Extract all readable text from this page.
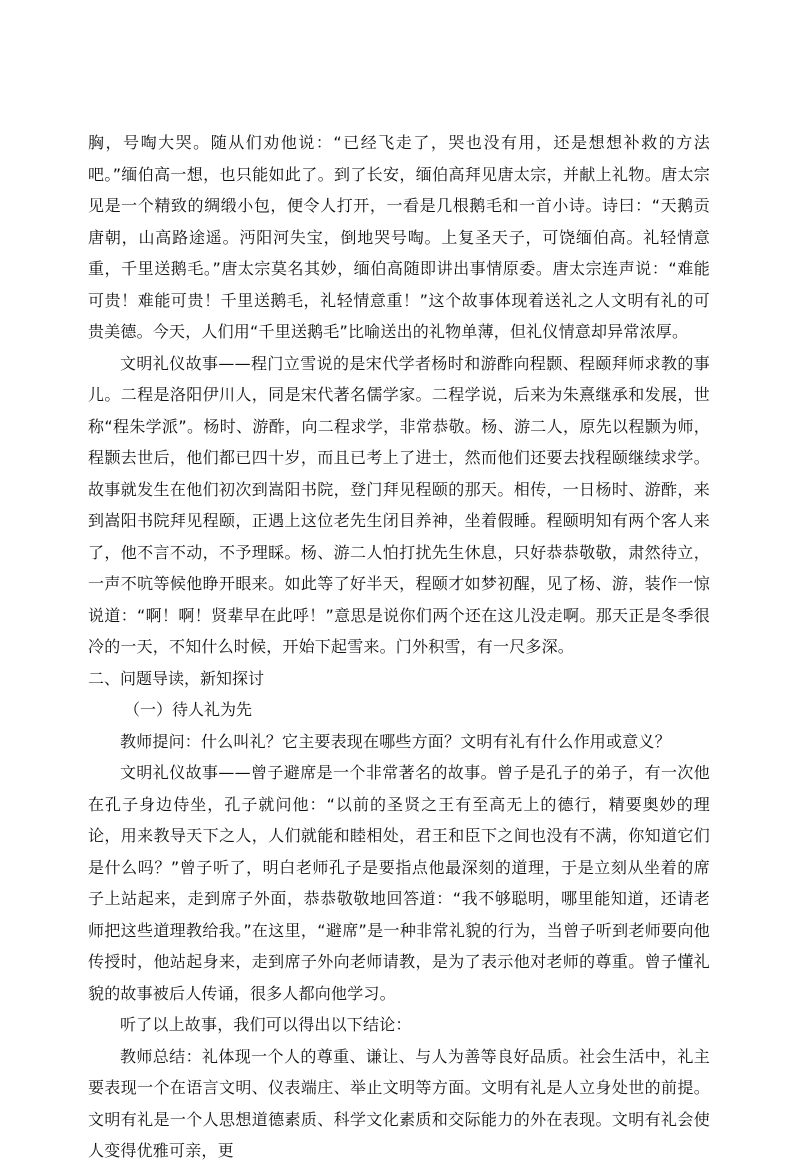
胸，号啕大哭。随从们劝他说：“已经飞走了，哭也没有用，还是想想补救的方法吧。”缅伯高一想，也只能如此了。到了长安，缅伯高拜见唐太宗，并献上礼物。唐太宗见是一个精致的绸缎小包，便令人打开，一看是几根鹅毛和一首小诗。诗曰：“天鹅贡唐朝，山高路途遥。沔阳河失宝，倒地哭号啕。上复圣天子，可饶缅伯高。礼轻情意重，千里送鹅毛。”唐太宗莫名其妙，缅伯高随即讲出事情原委。唐太宗连声说：“难能可贵！难能可贵！千里送鹅毛，礼轻情意重！”这个故事体现着送礼之人文明有礼的可贵美德。今天，人们用“千里送鹅毛”比喻送出的礼物单薄，但礼仪情意却异常浓厚。

文明礼仪故事——程门立雪说的是宋代学者杨时和游酢向程颢、程颐拜师求教的事儿。二程是洛阳伊川人，同是宋代著名儒学家。二程学说，后来为朱熹继承和发展，世称“程朱学派”。杨时、游酢，向二程求学，非常恭敬。杨、游二人，原先以程颢为师，程颢去世后，他们都已四十岁，而且已考上了进士，然而他们还要去找程颐继续求学。故事就发生在他们初次到嵩阳书院，登门拜见程颐的那天。相传，一日杨时、游酢，来到嵩阳书院拜见程颐，正遇上这位老先生闭目养神，坐着假睡。程颐明知有两个客人来了，他不言不动，不予理睬。杨、游二人怕打扰先生休息，只好恭恭敬敬，肃然待立，一声不吭等候他睁开眼来。如此等了好半天，程颐才如梦初醒，见了杨、游，装作一惊说道：“啊！啊！贤辈早在此呼！”意思是说你们两个还在这儿没走啊。那天正是冬季很冷的一天，不知什么时候，开始下起雪来。门外积雪，有一尺多深。

二、问题导读，新知探讨

（一）待人礼为先

教师提问：什么叫礼？它主要表现在哪些方面？文明有礼有什么作用或意义？

文明礼仪故事——曾子避席是一个非常著名的故事。曾子是孔子的弟子，有一次他在孔子身边侍坐，孔子就问他：“以前的圣贤之王有至高无上的德行，精要奥妙的理论，用来教导天下之人，人们就能和睦相处，君王和臣下之间也没有不满，你知道它们是什么吗？”曾子听了，明白老师孔子是要指点他最深刻的道理，于是立刻从坐着的席子上站起来，走到席子外面，恭恭敬敬地回答道：“我不够聪明，哪里能知道，还请老师把这些道理教给我。”在这里，“避席”是一种非常礼貌的行为，当曾子听到老师要向他传授时，他站起身来，走到席子外向老师请教，是为了表示他对老师的尊重。曾子懂礼貌的故事被后人传诵，很多人都向他学习。

听了以上故事，我们可以得出以下结论：

教师总结：礼体现一个人的尊重、谦让、与人为善等良好品质。社会生活中，礼主要表现一个在语言文明、仪表端庄、举止文明等方面。文明有礼是人立身处世的前提。文明有礼是一个人思想道德素质、科学文化素质和交际能力的外在表现。文明有礼会使人变得优雅可亲，更
